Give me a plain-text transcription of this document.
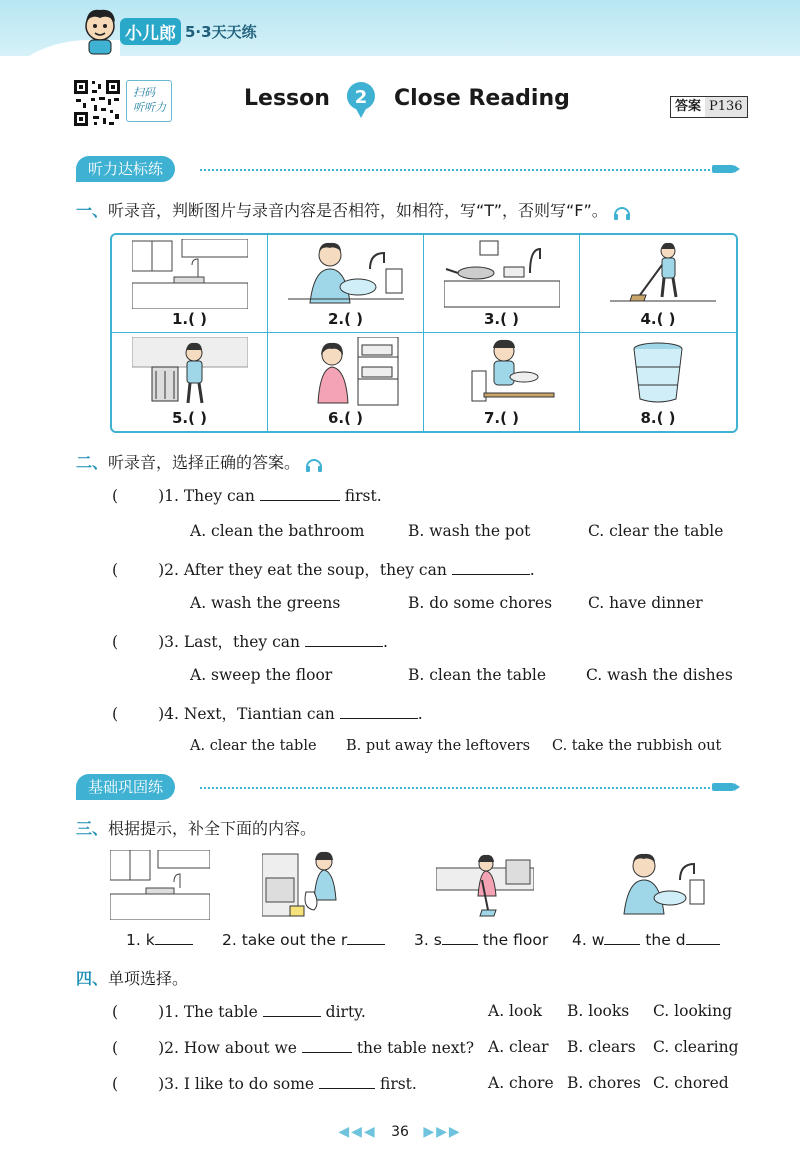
小儿郎 5·3天天练
扫码
听听力	Lesson 2 Close Reading	答案 P136
听力达标练
一、听录音，判断图片与录音内容是否相符，如相符，写“T”，否则写“F”。
1.( )	2.( )	3.( )	4.( )
5.( )	6.( )	7.( )	8.( )
二、听录音，选择正确的答案。
(	)1. They can	first.
A. clean the bathroom	B. wash the pot	C. clear the table
(	)2. After they eat the soup，they can	.
A. wash the greens	B. do some chores C. have dinner
(	)3. Last，they can	.
A. sweep the floor	B. clean the table	C. wash the dishes
(	)4. Next，Tiantian can	.
A. clear the table B. put away the leftovers C. take the rubbish out
基础巩固练
三、根据提示，补全下面的内容。
1. k	2. take out the r	3. s	the floor 4. w	the d
四、单项选择。
(	)1. The table	dirty.	A. look B. looks C. looking
(	)2. How about we	the table next? A. clear B. clears C. clearing
(	)3. I like to do some	first.	A. chore B. chores C. chored
◀◀◀ 36 ▶▶▶
